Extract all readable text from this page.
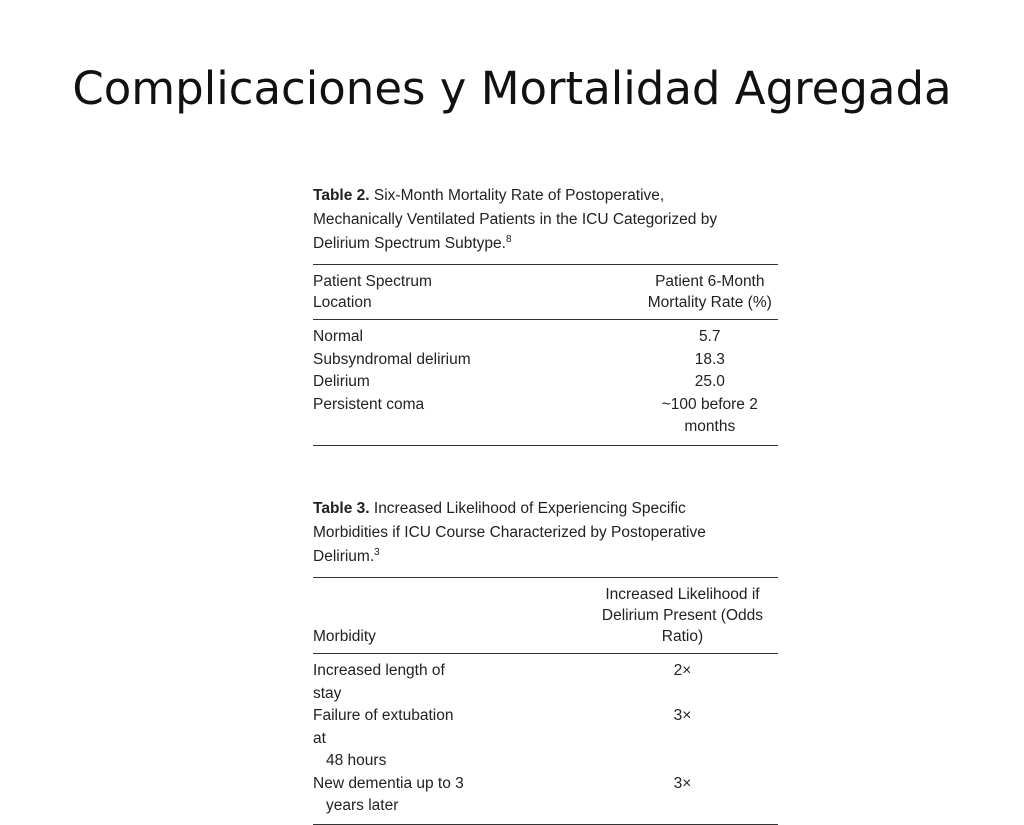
Complicaciones y Mortalidad Agregada
Table 2. Six-Month Mortality Rate of Postoperative,
Mechanically Ventilated Patients in the ICU Categorized by
Delirium Spectrum Subtype.$^8$
Patient Spectrum Location	Patient 6-Month
Mortality Rate (%)

Normal	5.7
Subsyndromal delirium	18.3
Delirium	25.0
Persistent coma	~100 before 2 months
Table 3. Increased Likelihood of Experiencing Specific
Morbidities if ICU Course Characterized by Postoperative
Delirium.$^3$
Morbidity	Increased Likelihood if
Delirium Present (Odds Ratio)

Increased length of stay	2×

Failure of extubation at
48 hours	3×

New dementia up to 3
years later	3×
